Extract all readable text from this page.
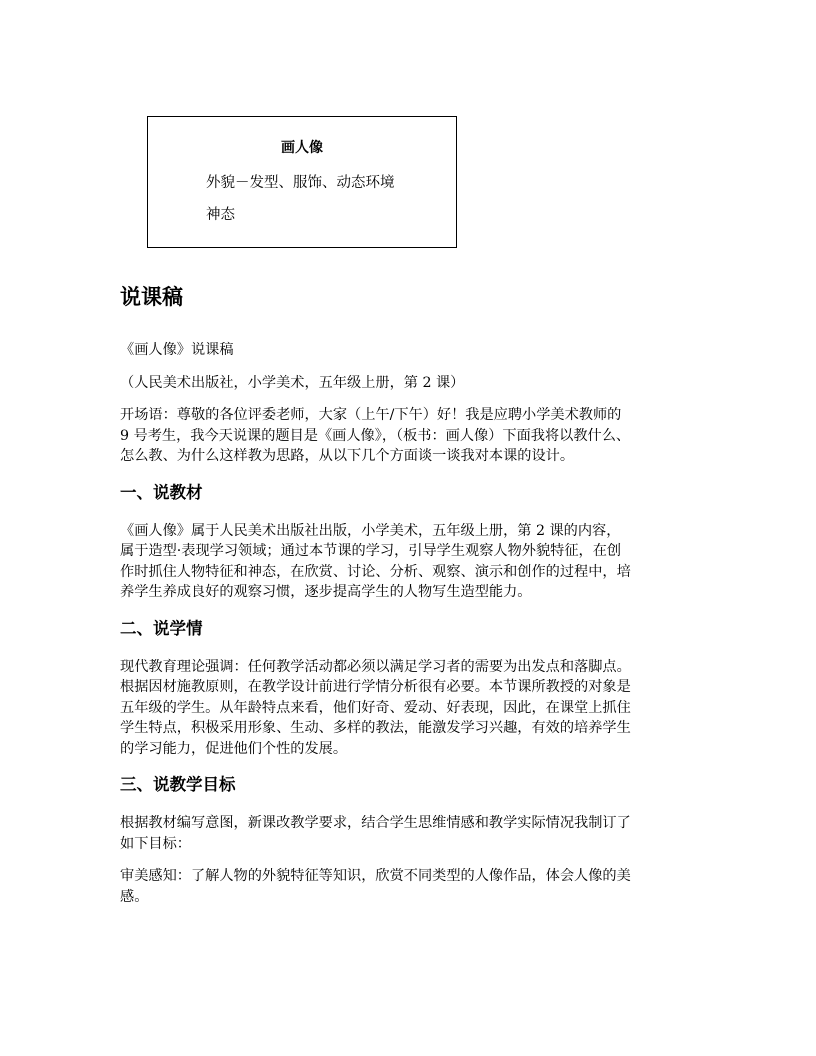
画人像
外貌－发型、服饰、动态环境
神态
说课稿

《画人像》说课稿

（人民美术出版社，小学美术，五年级上册，第 2 课）

开场语：尊敬的各位评委老师，大家（上午/下午）好！我是应聘小学美术教师的
9 号考生，我今天说课的题目是《画人像》，（板书：画人像）下面我将以教什么、
怎么教、为什么这样教为思路，从以下几个方面谈一谈我对本课的设计。

一、说教材

《画人像》属于人民美术出版社出版，小学美术，五年级上册，第 2 课的内容，
属于造型·表现学习领域；通过本节课的学习，引导学生观察人物外貌特征，在创
作时抓住人物特征和神态，在欣赏、讨论、分析、观察、演示和创作的过程中，培
养学生养成良好的观察习惯，逐步提高学生的人物写生造型能力。

二、说学情

现代教育理论强调：任何教学活动都必须以满足学习者的需要为出发点和落脚点。
根据因材施教原则，在教学设计前进行学情分析很有必要。本节课所教授的对象是
五年级的学生。从年龄特点来看，他们好奇、爱动、好表现，因此，在课堂上抓住
学生特点，积极采用形象、生动、多样的教法，能激发学习兴趣，有效的培养学生
的学习能力，促进他们个性的发展。

三、说教学目标

根据教材编写意图，新课改教学要求，结合学生思维情感和教学实际情况我制订了
如下目标：

审美感知：了解人物的外貌特征等知识，欣赏不同类型的人像作品，体会人像的美
感。
